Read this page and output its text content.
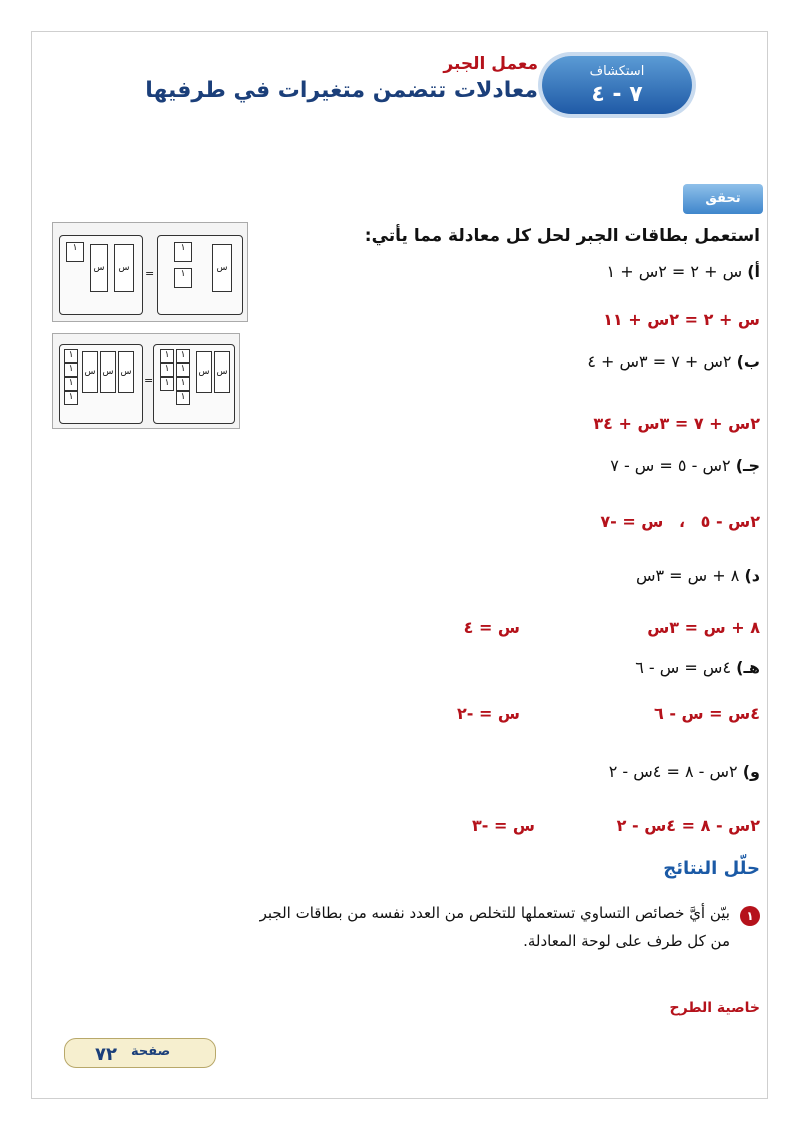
استكشاف
٧ - ٤
معمل الجبر
معادلات تتضمن متغيرات في طرفيها
تحقق
استعمل بطاقات الجبر لحل كل معادلة مما يأتي:
أ) س + ٢ = ٢س + ١
س + ٢ = ٢س + ١١
ب) ٢س + ٧ = ٣س + ٤
٢س + ٧ = ٣س + ٣٤
جـ) ٢س - ٥ = س - ٧
٢س - ٥ ، س = -٧
د) ٨ + س = ٣س
٨ + س = ٣س
س = ٤
هـ) ٤س = س - ٦
٤س = س - ٦
س = -٢
و) ٢س - ٨ = ٤س - ٢
٢س - ٨ = ٤س - ٢
س = -٣
١
س	س	=
١
١
س
١
١
١
١
س س س
=
١
١
١
١
١
١
١
س س
حلّل النتائج
١
بيّن أيَّ خصائص التساوي تستعملها للتخلص من العدد نفسه من بطاقات الجبر
من كل طرف على لوحة المعادلة.
خاصية الطرح
صفحة
٧٢
